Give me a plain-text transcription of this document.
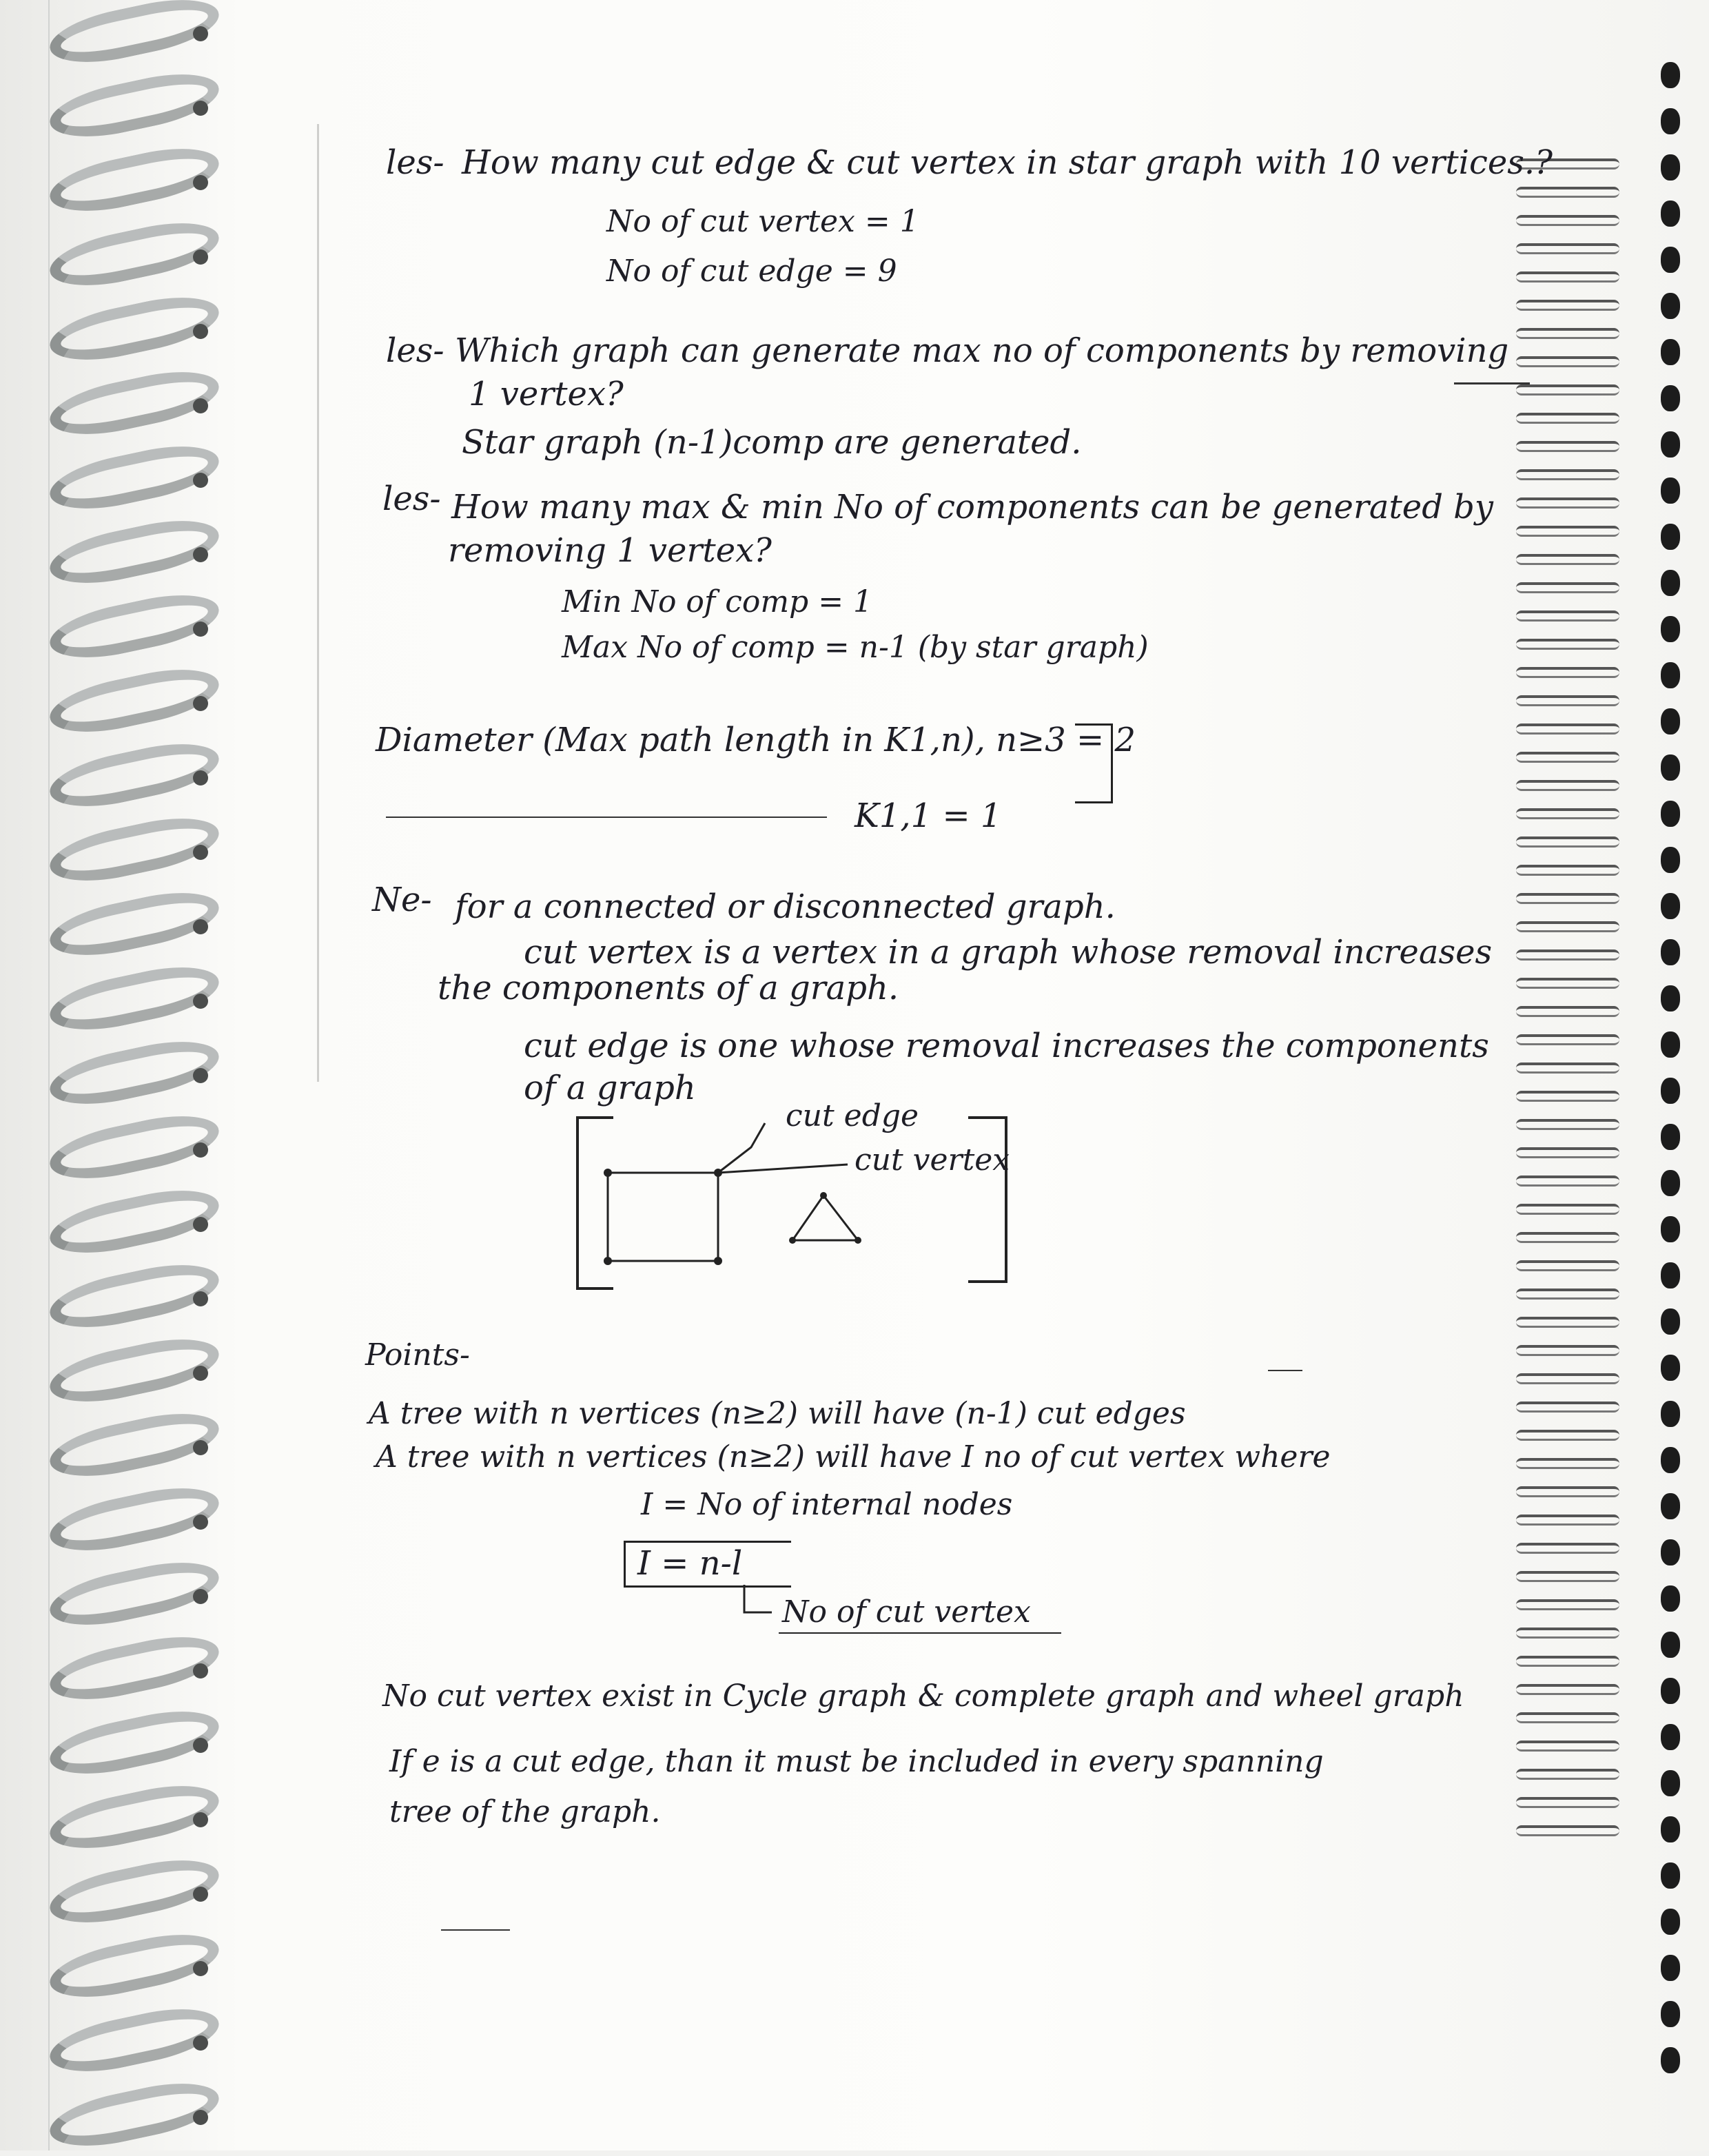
les- How many cut edge & cut vertex in star graph with 10 vertices.?
No of cut vertex = 1
No of cut edge = 9
les- Which graph can generate max no of components by removing
1 vertex?
Star graph (n-1)comp are generated.
les- How many max & min No of components can be generated by
removing 1 vertex?
Min No of comp = 1
Max No of comp = n-1 (by star graph)
Diameter (Max path length in K1,n), n≥3 = 2
K1,1 = 1
Ne- for a connected or disconnected graph.
cut vertex is a vertex in a graph whose removal increases
the components of a graph.
cut edge is one whose removal increases the components
of a graph
cut edge
cut vertex
Points-
A tree with n vertices (n≥2) will have (n-1) cut edges
A tree with n vertices (n≥2) will have I no of cut vertex where
I = No of internal nodes
I = n-l
No of cut vertex
No cut vertex exist in Cycle graph & complete graph and wheel graph
If e is a cut edge, than it must be included in every spanning
tree of the graph.
